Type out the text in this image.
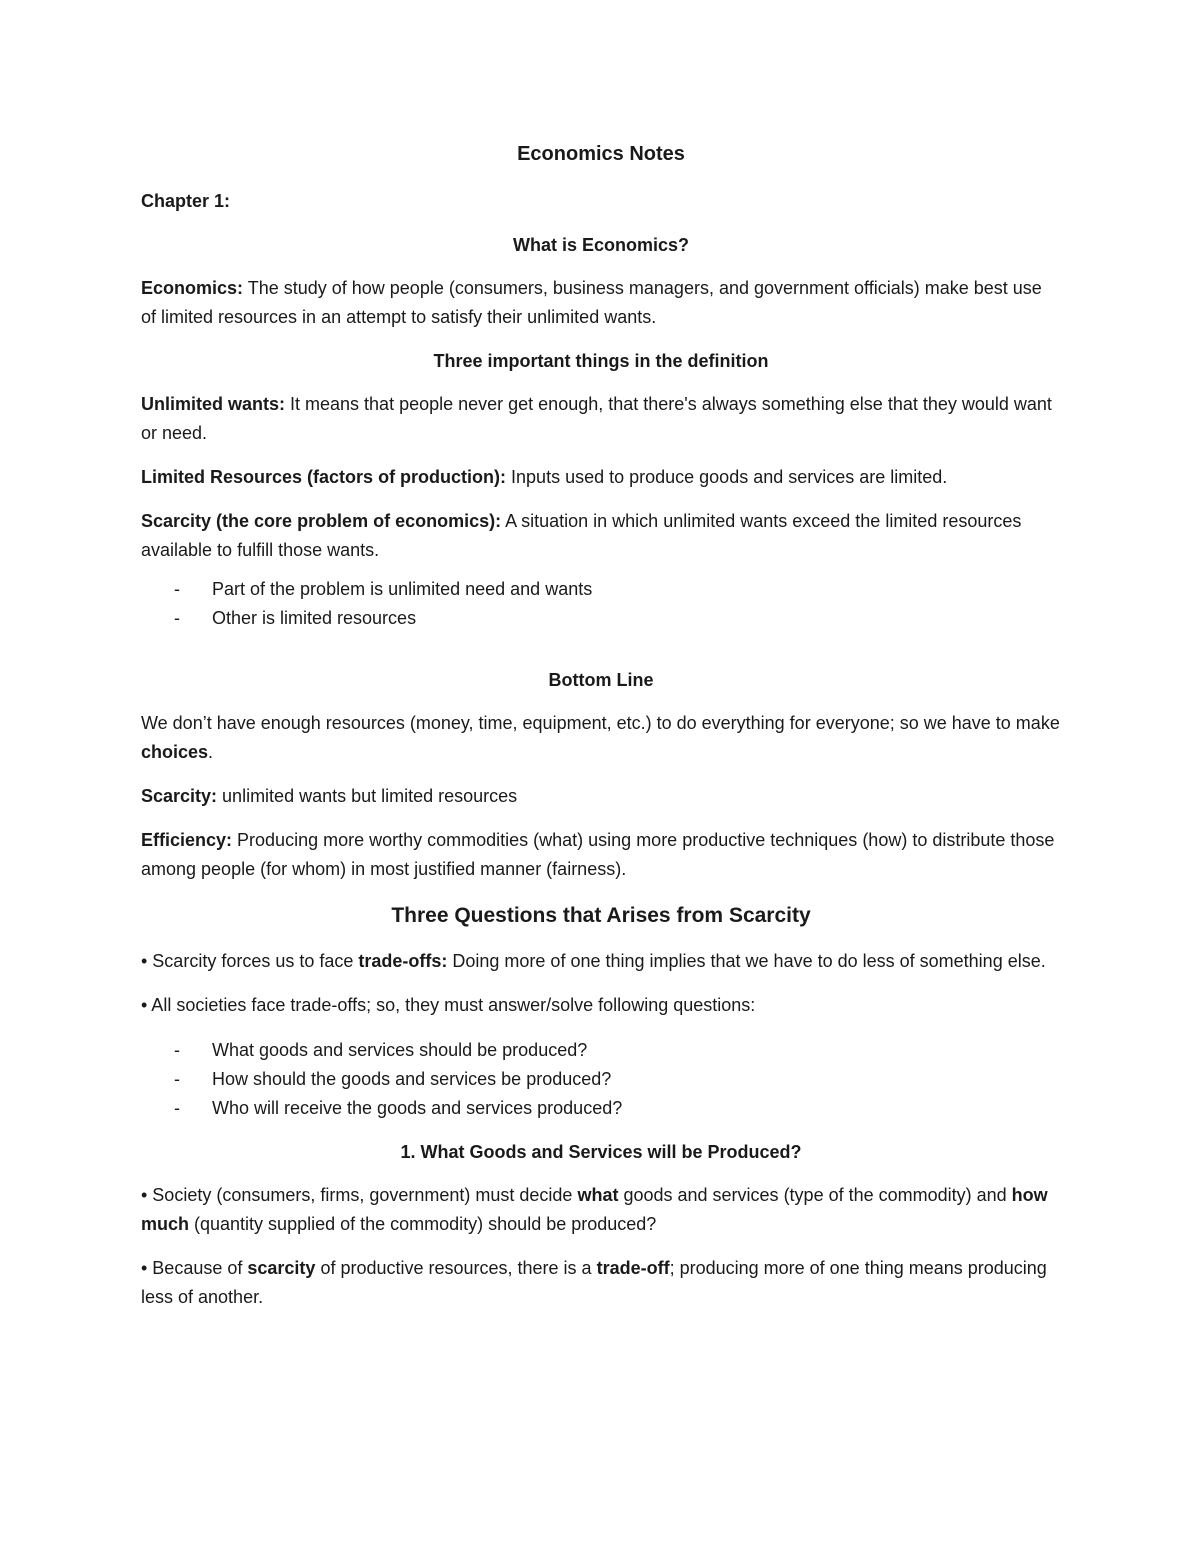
Economics Notes
Chapter 1:
What is Economics?

Economics: The study of how people (consumers, business managers, and government officials) make best use of limited resources in an attempt to satisfy their unlimited wants.

Three important things in the definition

Unlimited wants: It means that people never get enough, that there's always something else that they would want or need.

Limited Resources (factors of production): Inputs used to produce goods and services are limited.

Scarcity (the core problem of economics): A situation in which unlimited wants exceed the limited resources available to fulfill those wants.

- Part of the problem is unlimited need and wants
- Other is limited resources
Bottom Line

We don’t have enough resources (money, time, equipment, etc.) to do everything for everyone; so we have to make choices.

Scarcity: unlimited wants but limited resources

Efficiency: Producing more worthy commodities (what) using more productive techniques (how) to distribute those among people (for whom) in most justified manner (fairness).

Three Questions that Arises from Scarcity

• Scarcity forces us to face trade-offs: Doing more of one thing implies that we have to do less of something else.

• All societies face trade-offs; so, they must answer/solve following questions:

- What goods and services should be produced?
- How should the goods and services be produced?
- Who will receive the goods and services produced?
1. What Goods and Services will be Produced?

• Society (consumers, firms, government) must decide what goods and services (type of the commodity) and how much (quantity supplied of the commodity) should be produced?

• Because of scarcity of productive resources, there is a trade-off; producing more of one thing means producing less of another.
